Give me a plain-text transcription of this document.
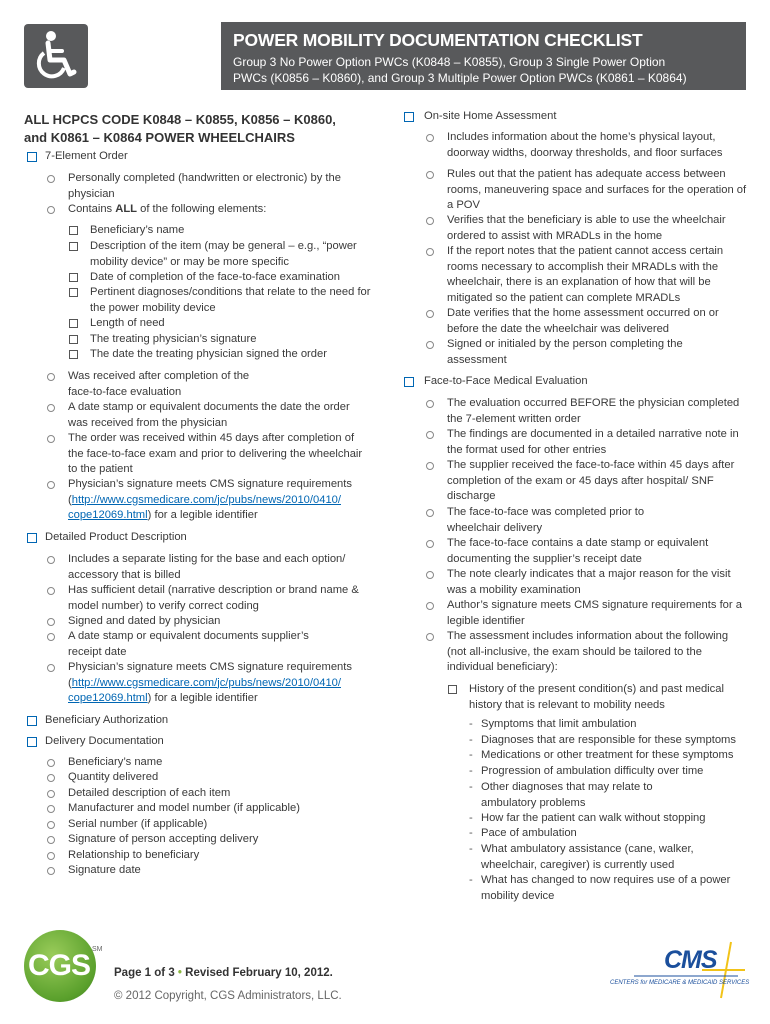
POWER MOBILITY DOCUMENTATION CHECKLIST
Group 3 No Power Option PWCs (K0848 – K0855), Group 3 Single Power Option
PWCs (K0856 – K0860), and Group 3 Multiple Power Option PWCs (K0861 – K0864)
ALL HCPCS CODE K0848 – K0855, K0856 – K0860,
and K0861 – K0864 POWER WHEELCHAIRS
7-Element Order
Personally completed (handwritten or electronic) by the physician
Contains ALL of the following elements:
Beneficiary’s name
Description of the item (may be general – e.g., “power mobility device” or may be more specific
Date of completion of the face-to-face examination
Pertinent diagnoses/conditions that relate to the need for the power mobility device
Length of need
The treating physician’s signature
The date the treating physician signed the order
Was received after completion of the face-to-face evaluation
A date stamp or equivalent documents the date the order was received from the physician
The order was received within 45 days after completion of the face-to-face exam and prior to delivering the wheelchair to the patient
Physician’s signature meets CMS signature requirements
(http://www.cgsmedicare.com/jc/pubs/news/2010/0410/
cope12069.html) for a legible identifier
Detailed Product Description
Includes a separate listing for the base and each option/ accessory that is billed
Has sufficient detail (narrative description or brand name & model number) to verify correct coding
Signed and dated by physician
A date stamp or equivalent documents supplier’s receipt date
Physician’s signature meets CMS signature requirements
(http://www.cgsmedicare.com/jc/pubs/news/2010/0410/
cope12069.html) for a legible identifier
Beneficiary Authorization
Delivery Documentation
Beneficiary’s name
Quantity delivered
Detailed description of each item
Manufacturer and model number (if applicable)
Serial number (if applicable)
Signature of person accepting delivery
Relationship to beneficiary
Signature date
On-site Home Assessment
Includes information about the home’s physical layout, doorway widths, doorway thresholds, and floor surfaces
Rules out that the patient has adequate access between rooms, maneuvering space and surfaces for the operation of a POV
Verifies that the beneficiary is able to use the wheelchair ordered to assist with MRADLs in the home
If the report notes that the patient cannot access certain rooms necessary to accomplish their MRADLs with the wheelchair, there is an explanation of how that will be mitigated so the patient can complete MRADLs
Date verifies that the home assessment occurred on or before the date the wheelchair was delivered
Signed or initialed by the person completing the assessment
Face-to-Face Medical Evaluation
The evaluation occurred BEFORE the physician completed the 7-element written order
The findings are documented in a detailed narrative note in the format used for other entries
The supplier received the face-to-face within 45 days after completion of the exam or 45 days after hospital/ SNF discharge
The face-to-face was completed prior to wheelchair delivery
The face-to-face contains a date stamp or equivalent documenting the supplier’s receipt date
The note clearly indicates that a major reason for the visit was a mobility examination
Author’s signature meets CMS signature requirements for a legible identifier
The assessment includes information about the following (not all-inclusive, the exam should be tailored to the individual beneficiary):
History of the present condition(s) and past medical history that is relevant to mobility needs
- Symptoms that limit ambulation
- Diagnoses that are responsible for these symptoms
- Medications or other treatment for these symptoms
- Progression of ambulation difficulty over time
- Other diagnoses that may relate to ambulatory problems
- How far the patient can walk without stopping
- Pace of ambulation
- What ambulatory assistance (cane, walker, wheelchair, caregiver) is currently used
- What has changed to now requires use of a power mobility device
CGS SM
Page 1 of 3 • Revised February 10, 2012.
© 2012 Copyright, CGS Administrators, LLC.
CMS
CENTERS for MEDICARE & MEDICAID SERVICES
